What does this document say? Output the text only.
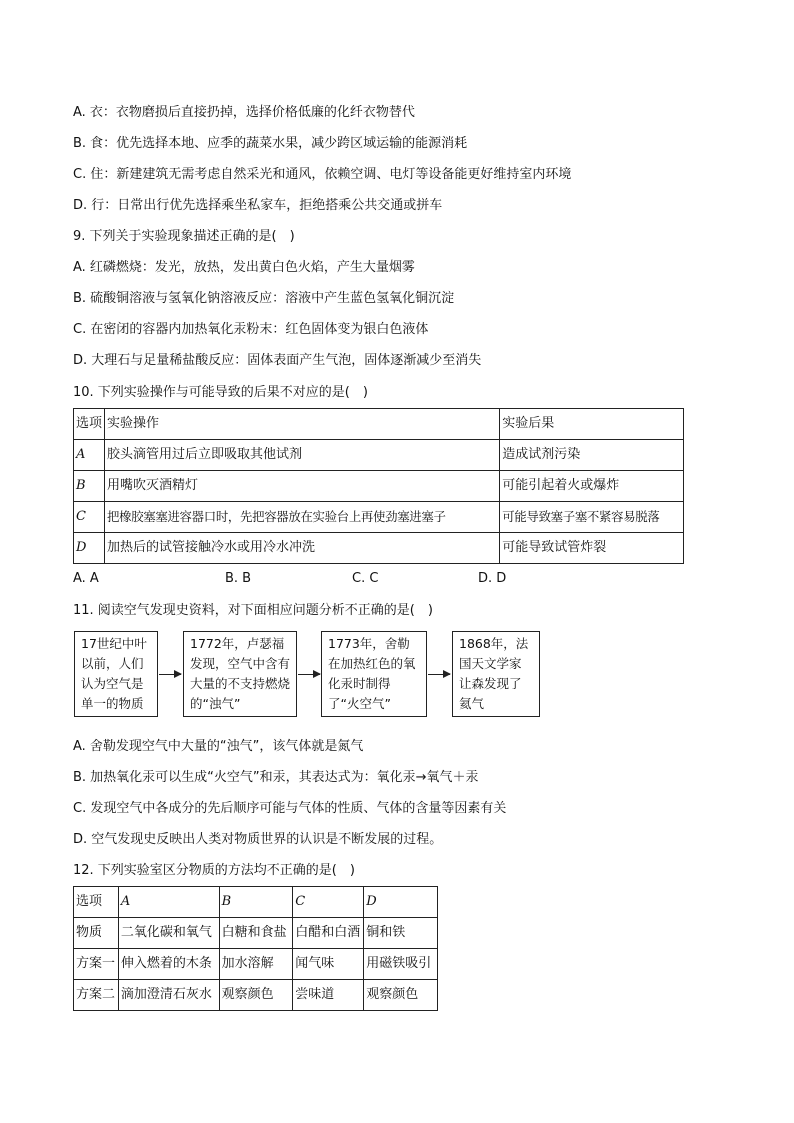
A. 衣：衣物磨损后直接扔掉，选择价格低廉的化纤衣物替代
B. 食：优先选择本地、应季的蔬菜水果，减少跨区域运输的能源消耗
C. 住：新建建筑无需考虑自然采光和通风，依赖空调、电灯等设备能更好维持室内环境
D. 行：日常出行优先选择乘坐私家车，拒绝搭乘公共交通或拼车
9. 下列关于实验现象描述正确的是(　)
A. 红磷燃烧：发光，放热，发出黄白色火焰，产生大量烟雾
B. 硫酸铜溶液与氢氧化钠溶液反应：溶液中产生蓝色氢氧化铜沉淀
C. 在密闭的容器内加热氧化汞粉末：红色固体变为银白色液体
D. 大理石与足量稀盐酸反应：固体表面产生气泡，固体逐渐减少至消失
10. 下列实验操作与可能导致的后果不对应的是(　)
选项	实验操作	实验后果
A	胶头滴管用过后立即吸取其他试剂	造成试剂污染
B	用嘴吹灭酒精灯	可能引起着火或爆炸
C	把橡胶塞塞进容器口时，先把容器放在实验台上再使劲塞进塞子	可能导致塞子塞不紧容易脱落
D	加热后的试管接触冷水或用冷水冲洗	可能导致试管炸裂
A. A	B. B	C. C	D. D
11. 阅读空气发现史资料，对下面相应问题分析不正确的是(　)
17世纪中叶以前，人们认为空气是单一的物质
1772年，卢瑟福发现，空气中含有大量的不支持燃烧的“浊气”
1773年，舍勒在加热红色的氧化汞时制得了“火空气”
1868年，法国天文学家让森发现了氦气
A. 舍勒发现空气中大量的“浊气”，该气体就是氮气
B. 加热氧化汞可以生成“火空气”和汞，其表达式为：氧化汞→氧气＋汞
C. 发现空气中各成分的先后顺序可能与气体的性质、气体的含量等因素有关
D. 空气发现史反映出人类对物质世界的认识是不断发展的过程。
12. 下列实验室区分物质的方法均不正确的是(　)
选项	A	B	C	D
物质	二氧化碳和氧气	白糖和食盐	白醋和白酒	铜和铁
方案一	伸入燃着的木条	加水溶解	闻气味	用磁铁吸引
方案二	滴加澄清石灰水	观察颜色	尝味道	观察颜色
